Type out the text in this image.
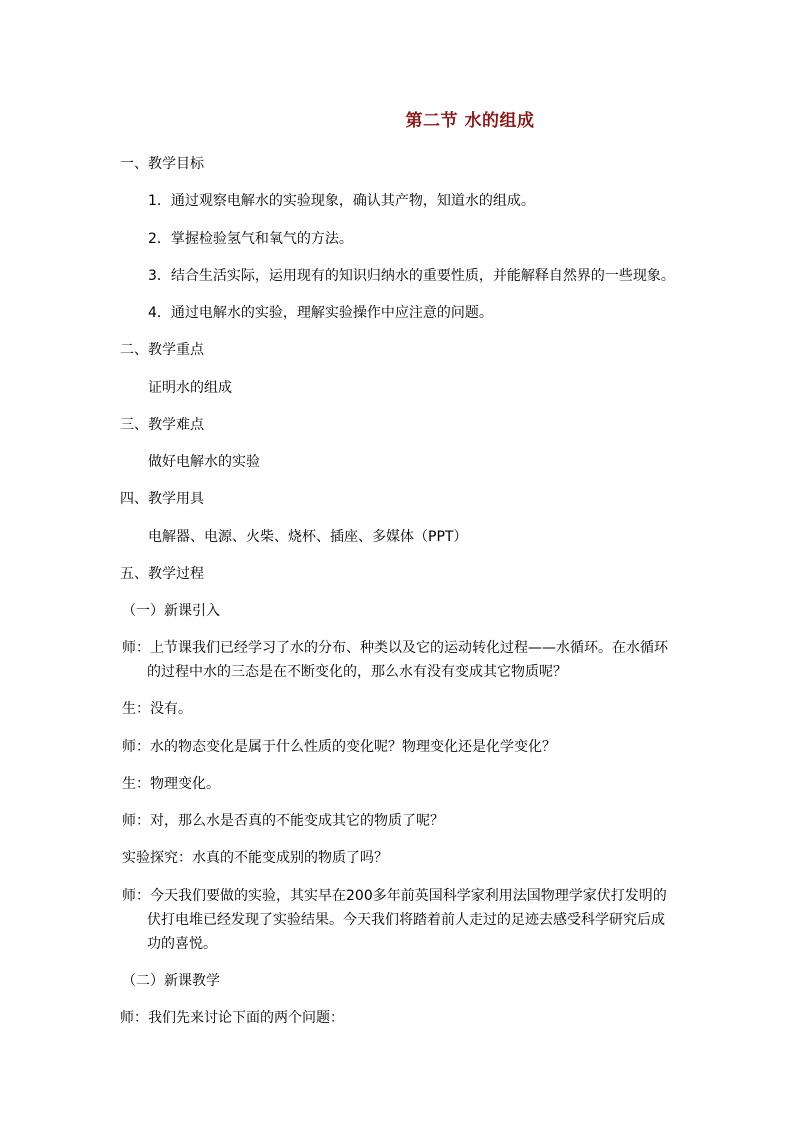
第二节 水的组成
一、教学目标
1．通过观察电解水的实验现象，确认其产物，知道水的组成。
2．掌握检验氢气和氧气的方法。
3．结合生活实际，运用现有的知识归纳水的重要性质，并能解释自然界的一些现象。
4．通过电解水的实验，理解实验操作中应注意的问题。
二、教学重点
证明水的组成
三、教学难点
做好电解水的实验
四、教学用具
电解器、电源、火柴、烧杯、插座、多媒体（PPT）
五、教学过程
（一）新课引入
师：上节课我们已经学习了水的分布、种类以及它的运动转化过程——水循环。在水循环
的过程中水的三态是在不断变化的，那么水有没有变成其它物质呢？
生：没有。
师：水的物态变化是属于什么性质的变化呢？物理变化还是化学变化？
生：物理变化。
师：对，那么水是否真的不能变成其它的物质了呢？
实验探究：水真的不能变成别的物质了吗？
师：今天我们要做的实验，其实早在200多年前英国科学家利用法国物理学家伏打发明的
伏打电堆已经发现了实验结果。今天我们将踏着前人走过的足迹去感受科学研究后成
功的喜悦。
（二）新课教学
师：我们先来讨论下面的两个问题：
